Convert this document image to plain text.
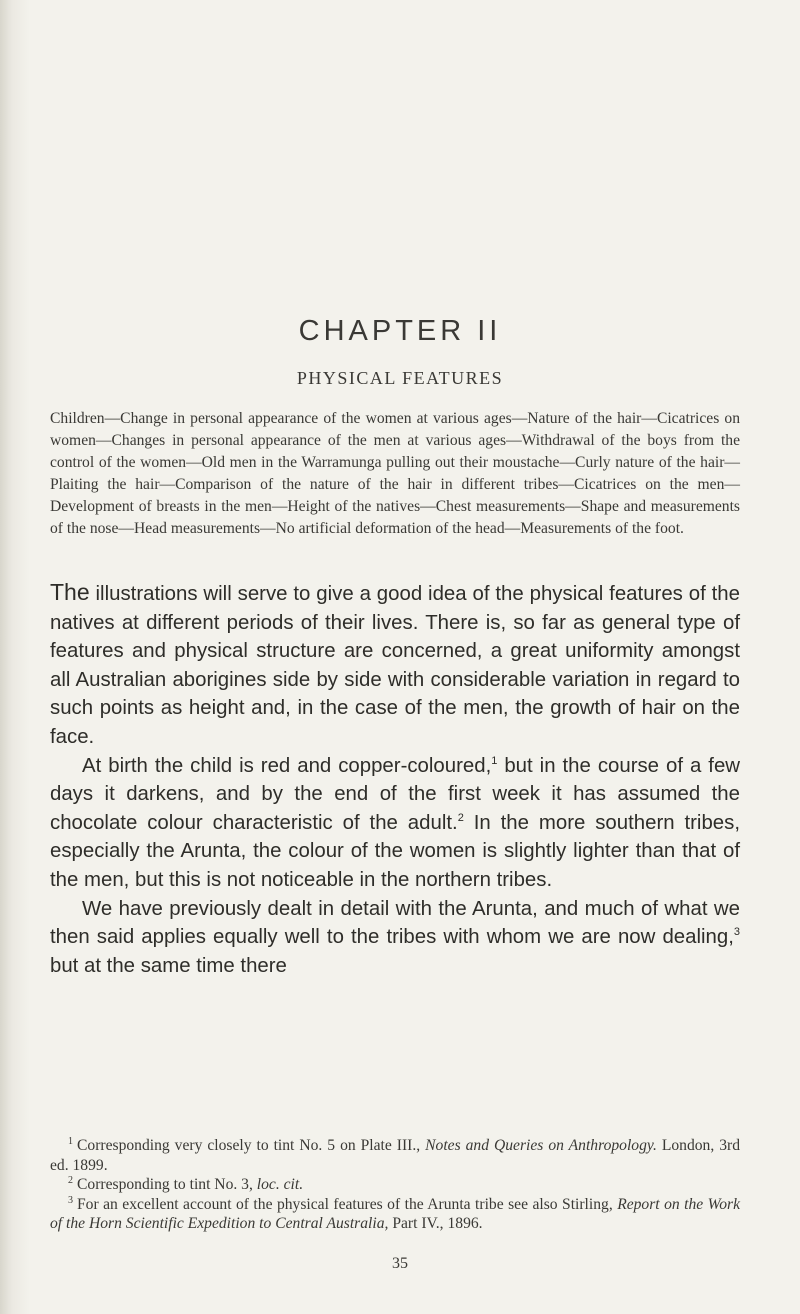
CHAPTER II
PHYSICAL FEATURES
Children—Change in personal appearance of the women at various ages—Nature of the hair—Cicatrices on women—Changes in personal appearance of the men at various ages—Withdrawal of the boys from the control of the women—Old men in the Warramunga pulling out their moustache—Curly nature of the hair—Plaiting the hair—Comparison of the nature of the hair in different tribes—Cicatrices on the men—Development of breasts in the men—Height of the natives—Chest measurements—Shape and measurements of the nose—Head measurements—No artificial deformation of the head—Measurements of the foot.

The illustrations will serve to give a good idea of the physical features of the natives at different periods of their lives. There is, so far as general type of features and physical structure are concerned, a great uniformity amongst all Australian aborigines side by side with considerable variation in regard to such points as height and, in the case of the men, the growth of hair on the face.

At birth the child is red and copper-coloured,$^1$ but in the course of a few days it darkens, and by the end of the first week it has assumed the chocolate colour characteristic of the adult.$^2$ In the more southern tribes, especially the Arunta, the colour of the women is slightly lighter than that of the men, but this is not noticeable in the northern tribes.

We have previously dealt in detail with the Arunta, and much of what we then said applies equally well to the tribes with whom we are now dealing,$^3$ but at the same time there

$^1$ Corresponding very closely to tint No. 5 on Plate III., Notes and Queries on Anthropology. London, 3rd ed. 1899.

$^2$ Corresponding to tint No. 3, loc. cit.

$^3$ For an excellent account of the physical features of the Arunta tribe see also Stirling, Report on the Work of the Horn Scientific Expedition to Central Australia, Part IV., 1896.

35
